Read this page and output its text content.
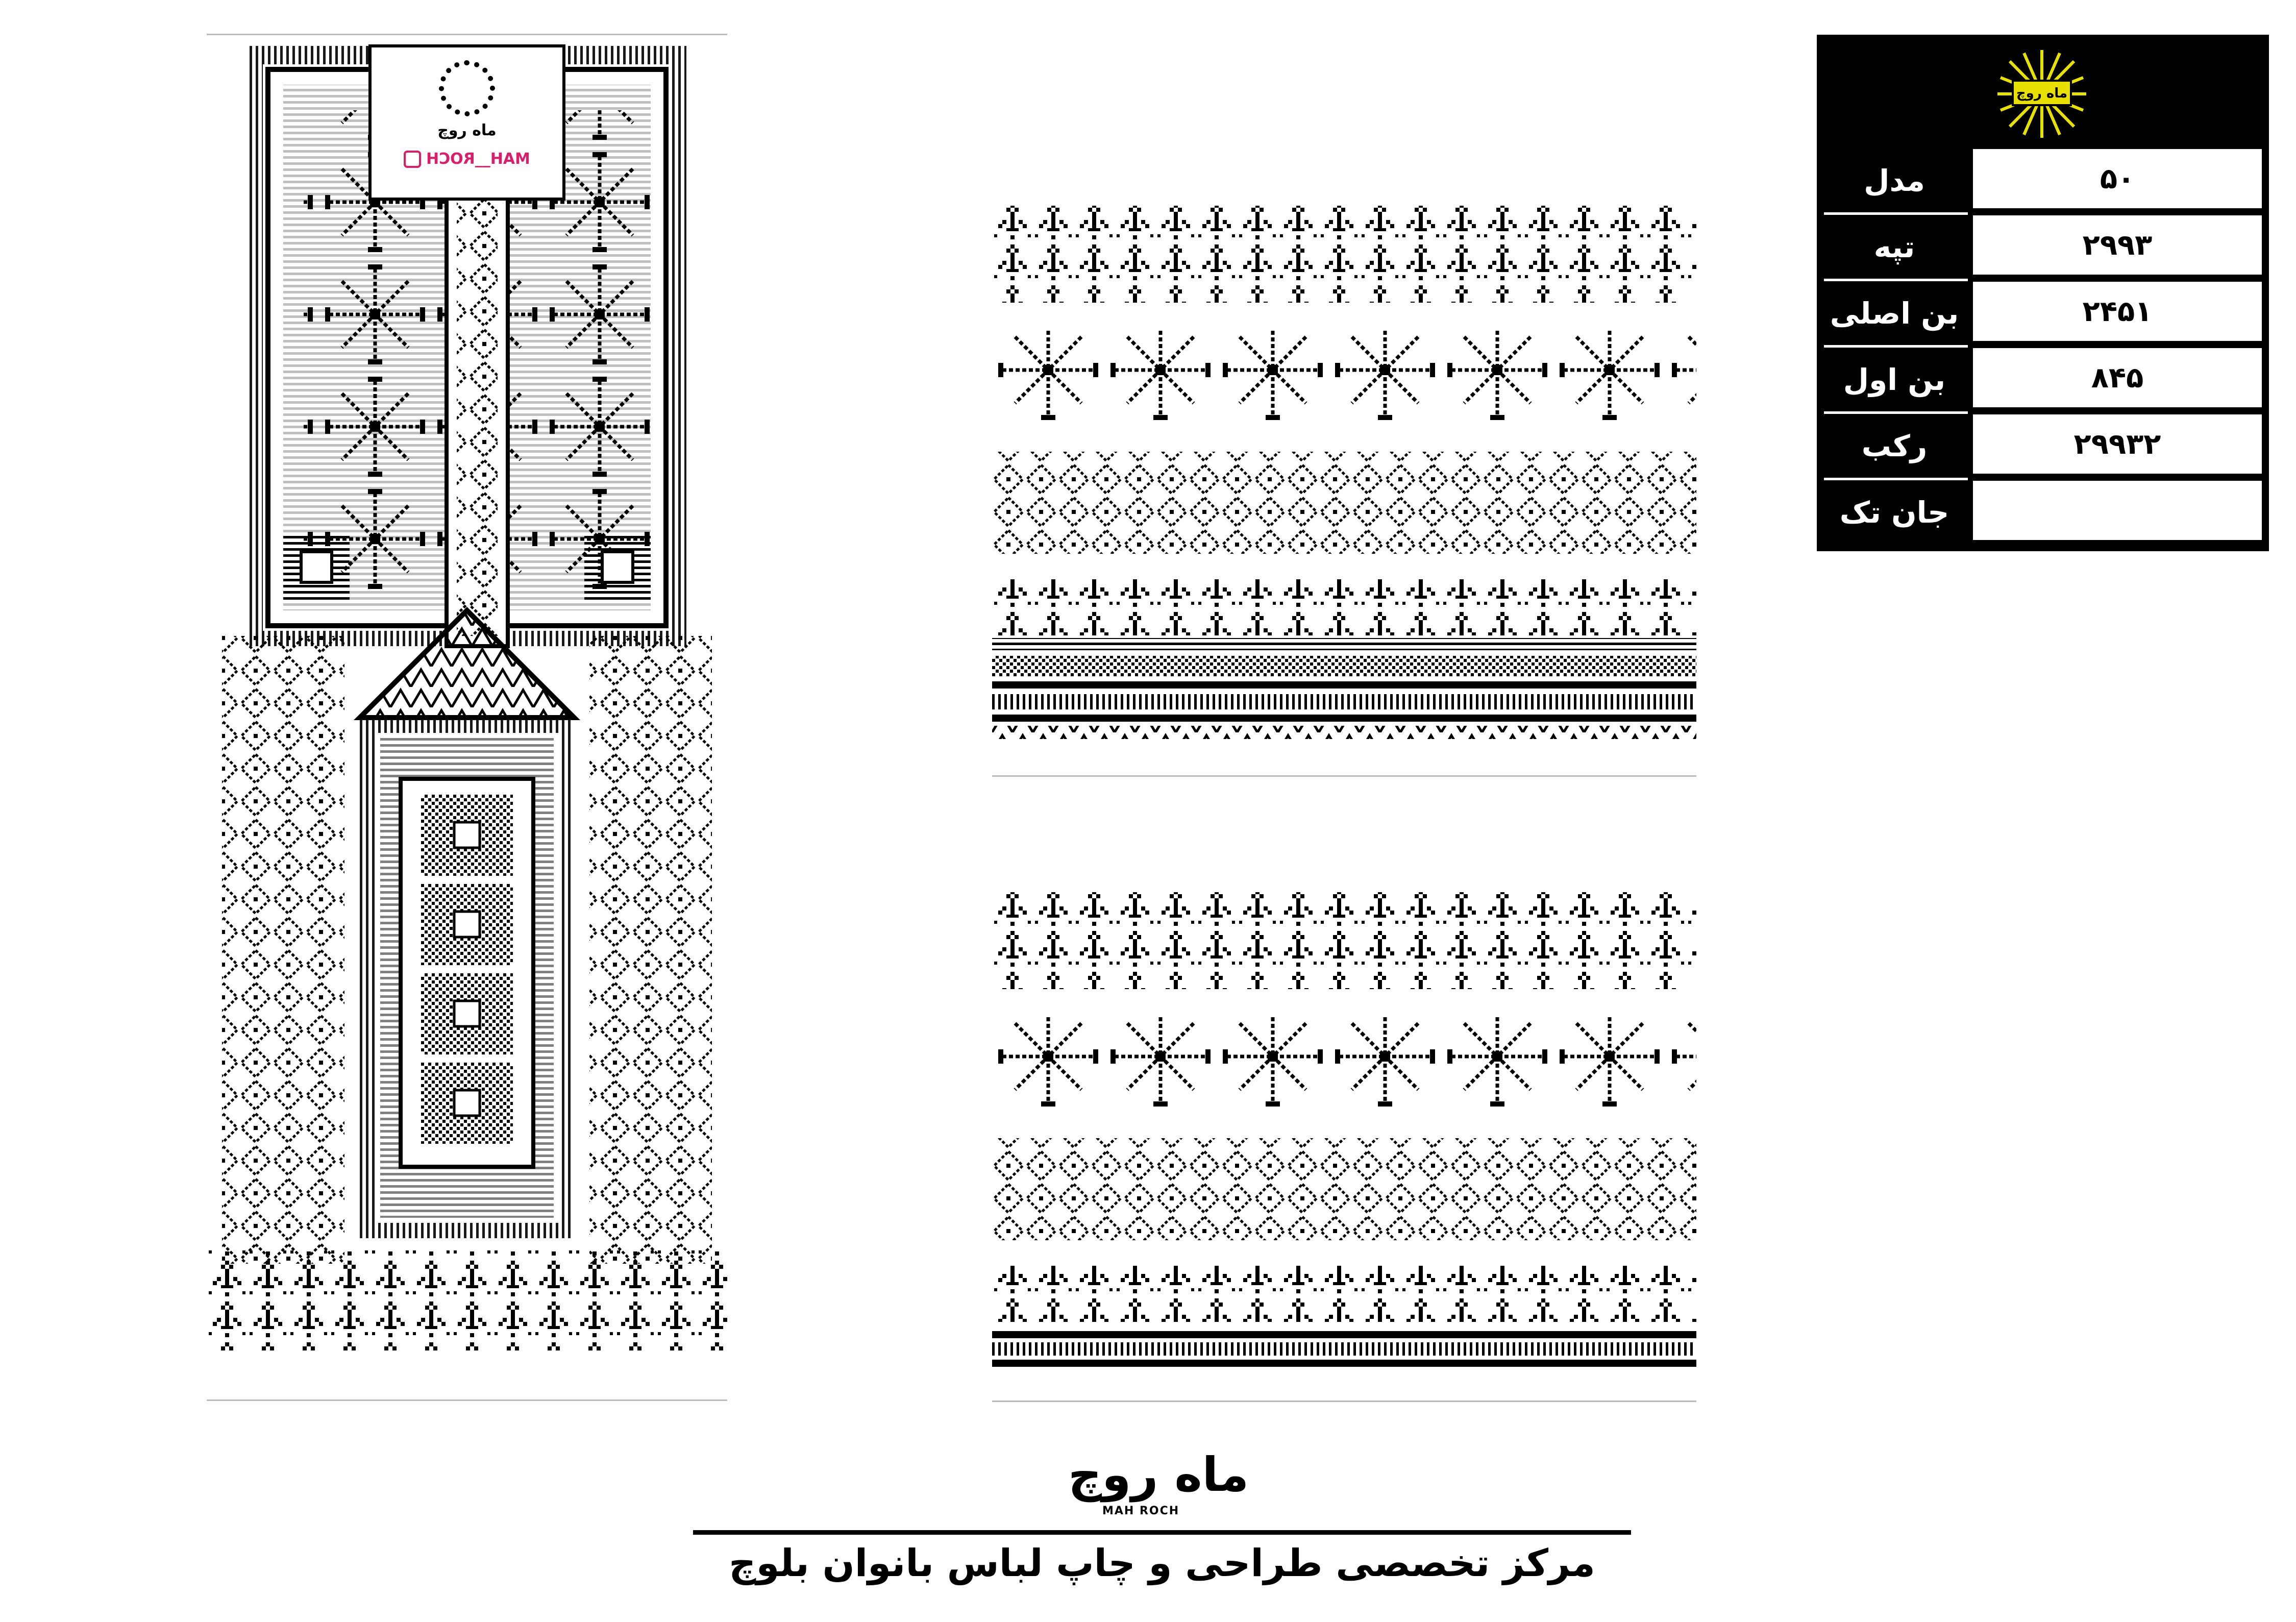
ماه روچ
MAH__ROCH
ماه روچ
مدل	۵۰
تپه	۲۹۹۳
بن اصلی	۲۴۵۱
بن اول	۸۴۵
رکب	۲۹۹۳۲
جان تک
ماه روچ
MAH ROCH
مرکز تخصصی طراحی و چاپ لباس بانوان بلوچ
